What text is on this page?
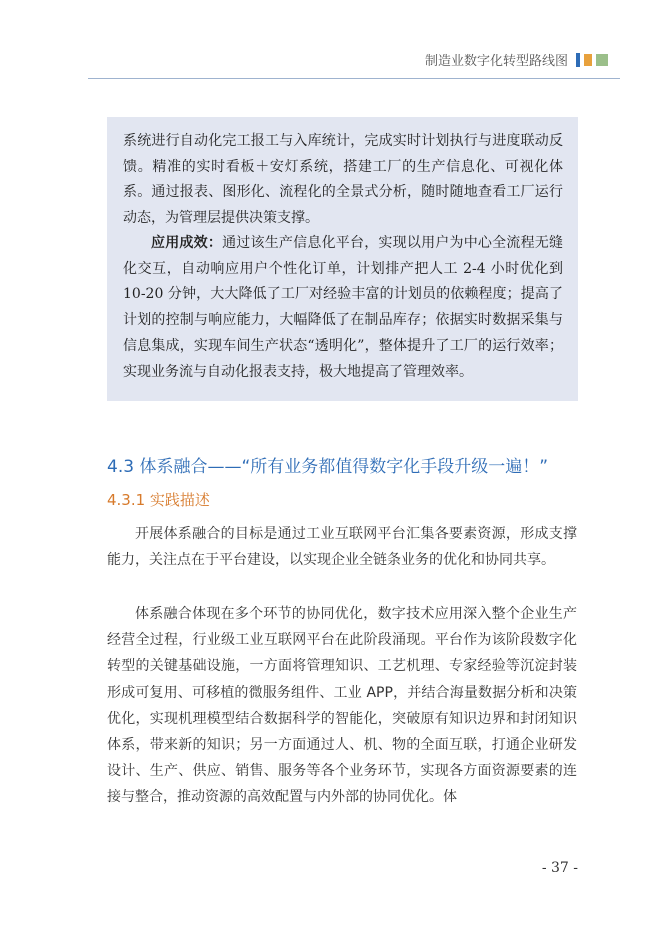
制造业数字化转型路线图

系统进行自动化完工报工与入库统计，完成实时计划执行与进度联动反馈。精准的实时看板＋安灯系统，搭建工厂的生产信息化、可视化体系。通过报表、图形化、流程化的全景式分析，随时随地查看工厂运行动态，为管理层提供决策支撑。

应用成效：通过该生产信息化平台，实现以用户为中心全流程无缝化交互，自动响应用户个性化订单，计划排产把人工 2-4 小时优化到 10-20 分钟，大大降低了工厂对经验丰富的计划员的依赖程度；提高了计划的控制与响应能力，大幅降低了在制品库存；依据实时数据采集与信息集成，实现车间生产状态“透明化”，整体提升了工厂的运行效率；实现业务流与自动化报表支持，极大地提高了管理效率。

4.3 体系融合——“所有业务都值得数字化手段升级一遍！”
4.3.1 实践描述

开展体系融合的目标是通过工业互联网平台汇集各要素资源，形成支撑能力，关注点在于平台建设，以实现企业全链条业务的优化和协同共享。

体系融合体现在多个环节的协同优化，数字技术应用深入整个企业生产经营全过程，行业级工业互联网平台在此阶段涌现。平台作为该阶段数字化转型的关键基础设施，一方面将管理知识、工艺机理、专家经验等沉淀封装形成可复用、可移植的微服务组件、工业 APP，并结合海量数据分析和决策优化，实现机理模型结合数据科学的智能化，突破原有知识边界和封闭知识体系，带来新的知识；另一方面通过人、机、物的全面互联，打通企业研发设计、生产、供应、销售、服务等各个业务环节，实现各方面资源要素的连接与整合，推动资源的高效配置与内外部的协同优化。体

- 37 -
